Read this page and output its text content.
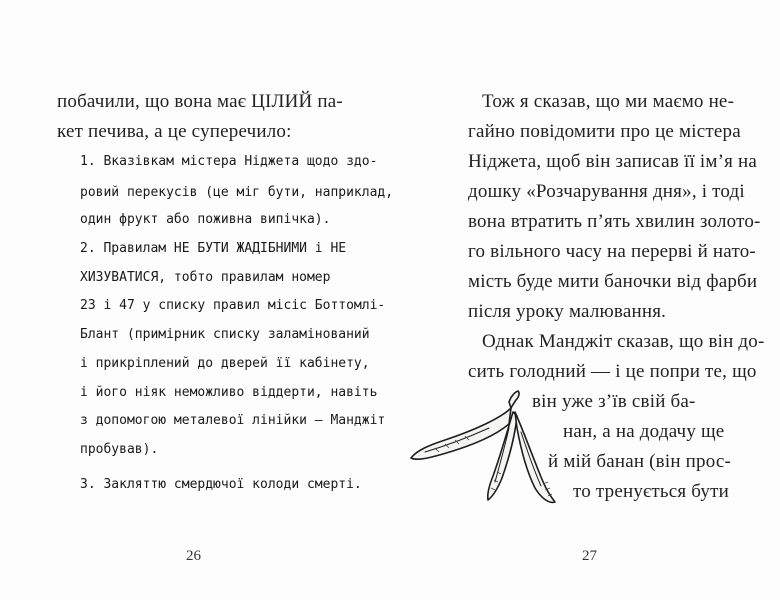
побачили, що вона має ЦІЛИЙ па-
кет печива, а це суперечило:
1. Вказівкам містера Ніджета щодо здо-
ровий перекусів (це міг бути, наприклад,
один фрукт або поживна випічка).
2. Правилам НЕ БУТИ ЖАДІБНИМИ і НЕ
ХИЗУВАТИСЯ, тобто правилам номер
23 і 47 у списку правил місіс Боттомлі-
Блант (примірник списку заламінований
і прикріплений до дверей її кабінету,
і його ніяк неможливо віддерти, навіть
з допомогою металевої лінійки – Манджіт
пробував).
3. Закляттю смердючої колоди смерті.
26
Тож я сказав, що ми маємо не-
гайно повідомити про це містера
Ніджета, щоб він записав її ім’я на
дошку «Розчарування дня», і тоді
вона втратить п’ять хвилин золото-
го вільного часу на перерві й нато-
мість буде мити баночки від фарби
після уроку малювання.
Однак Манджіт сказав, що він до-
сить голодний — і це попри те, що
він уже з’їв свій ба-
нан, а на додачу ще
й мій банан (він прос-
то тренується бути
27
